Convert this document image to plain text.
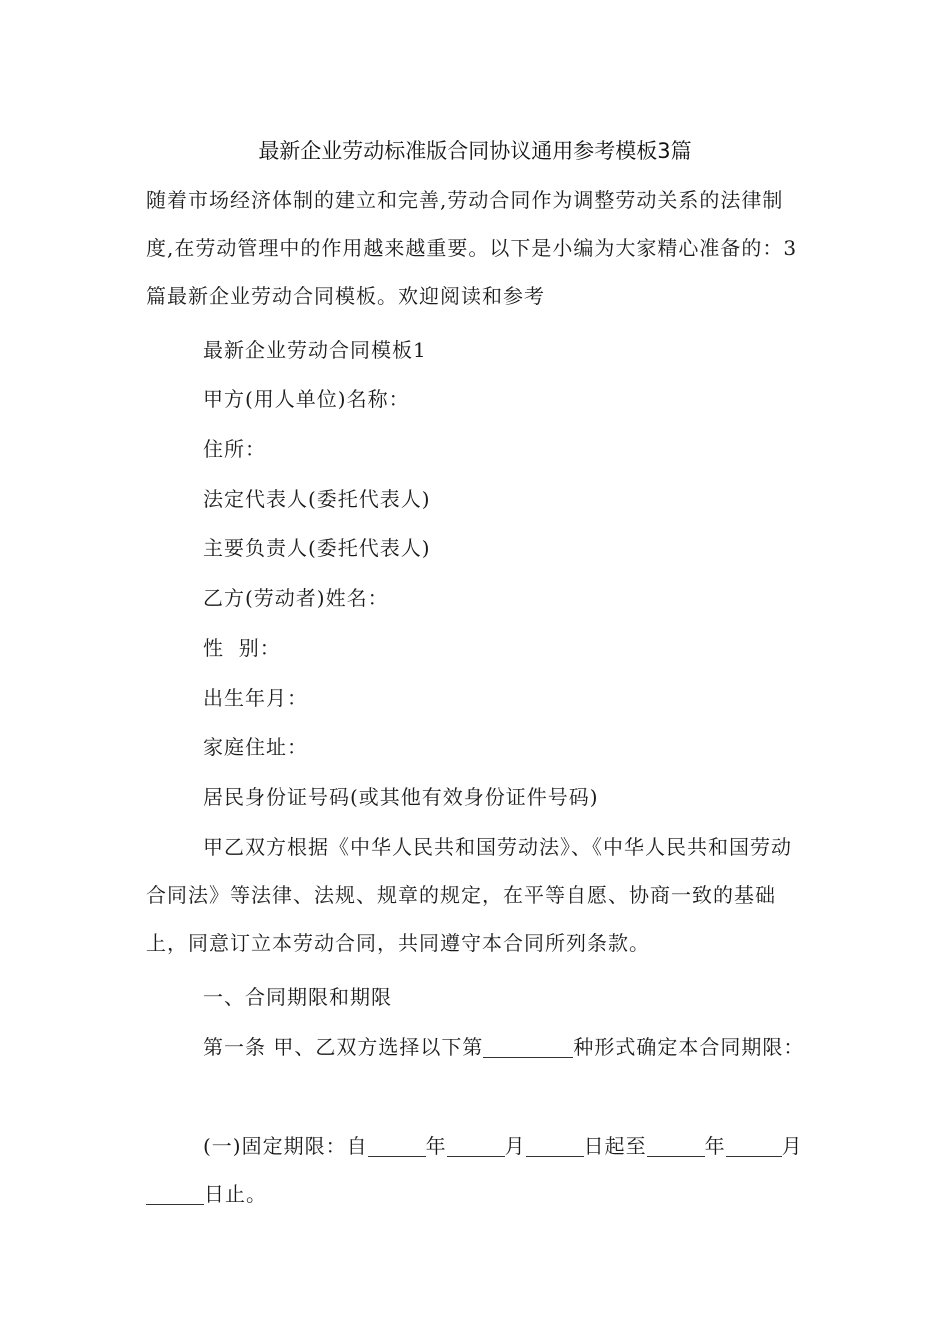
最新企业劳动标准版合同协议通用参考模板3篇

随着市场经济体制的建立和完善,劳动合同作为调整劳动关系的法律制度,在劳动管理中的作用越来越重要。以下是小编为大家精心准备的：3篇最新企业劳动合同模板。欢迎阅读和参考

最新企业劳动合同模板1

甲方(用人单位)名称：

住所：

法定代表人(委托代表人)

主要负责人(委托代表人)

乙方(劳动者)姓名：

性  别：

出生年月：

家庭住址：

居民身份证号码(或其他有效身份证件号码)

甲乙双方根据《中华人民共和国劳动法》、《中华人民共和国劳动合同法》等法律、法规、规章的规定，在平等自愿、协商一致的基础上，同意订立本劳动合同，共同遵守本合同所列条款。

一、合同期限和期限

第一条 甲、乙双方选择以下第	种形式确定本合同期限：

(一)固定期限：自	年	月	日起至	年	月日止。
